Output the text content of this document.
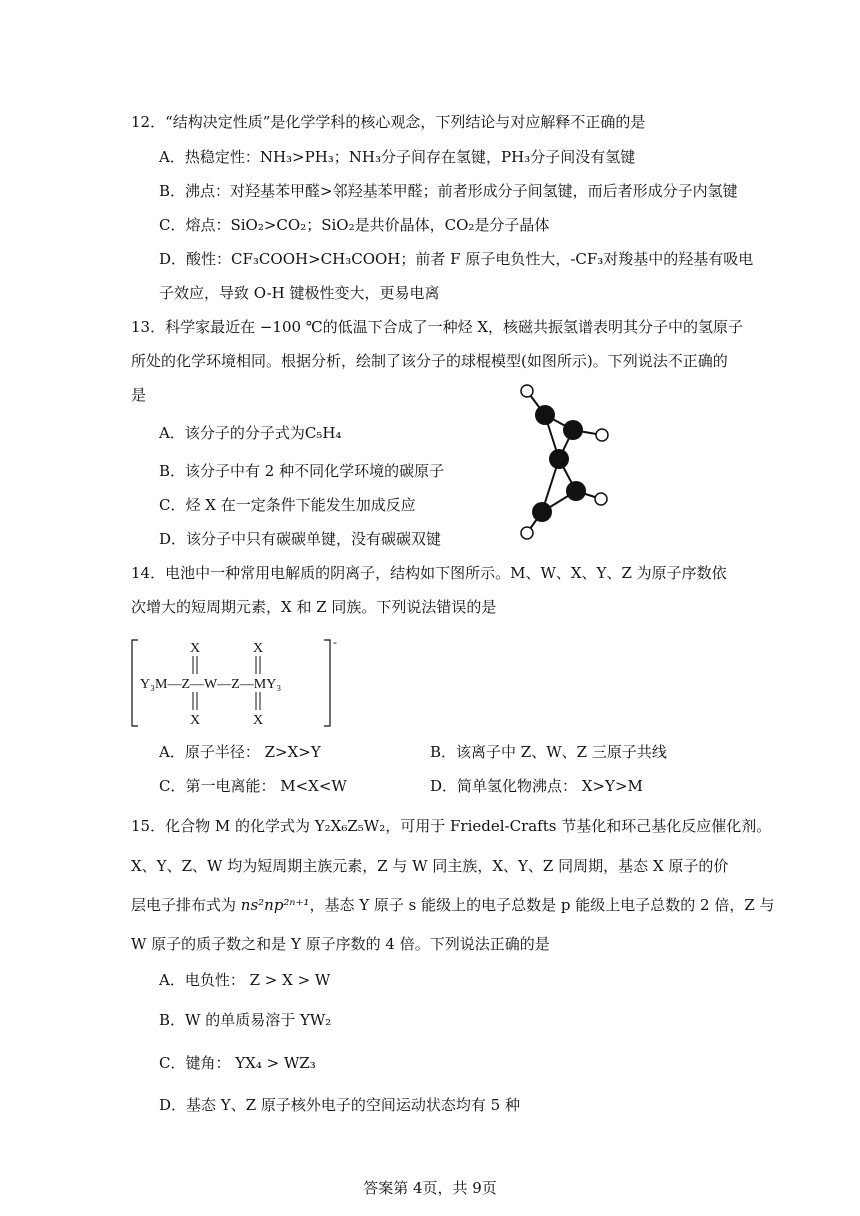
12．“结构决定性质”是化学学科的核心观念，下列结论与对应解释不正确的是
A．热稳定性：NH₃>PH₃；NH₃分子间存在氢键，PH₃分子间没有氢键
B．沸点：对羟基苯甲醛>邻羟基苯甲醛；前者形成分子间氢键，而后者形成分子内氢键
C．熔点：SiO₂>CO₂；SiO₂是共价晶体，CO₂是分子晶体
D．酸性：CF₃COOH>CH₃COOH；前者 F 原子电负性大，-CF₃对羧基中的羟基有吸电
子效应，导致 O-H 键极性变大，更易电离
13．科学家最近在 −100 ℃的低温下合成了一种烃 X，核磁共振氢谱表明其分子中的氢原子
所处的化学环境相同。根据分析，绘制了该分子的球棍模型(如图所示)。下列说法不正确的
是
A．该分子的分子式为C₅H₄
B．该分子中有 2 种不同化学环境的碳原子
C．烃 X 在一定条件下能发生加成反应
D．该分子中只有碳碳单键，没有碳碳双键
14．电池中一种常用电解质的阴离子，结构如下图所示。M、W、X、Y、Z 为原子序数依
次增大的短周期元素，X 和 Z 同族。下列说法错误的是
-
Y₃M—Z—W—Z—MY₃
X	X
X	X
A．原子半径： Z>X>Y	B．该离子中 Z、W、Z 三原子共线
C．第一电离能： M<X<W	D．简单氢化物沸点： X>Y>M
15．化合物 M 的化学式为 Y₂X₆Z₅W₂，可用于 Friedel-Crafts 节基化和环己基化反应催化剂。
X、Y、Z、W 均为短周期主族元素，Z 与 W 同主族，X、Y、Z 同周期，基态 X 原子的价
层电子排布式为 ns²np²ⁿ⁺¹，基态 Y 原子 s 能级上的电子总数是 p 能级上电子总数的 2 倍，Z 与
W 原子的质子数之和是 Y 原子序数的 4 倍。下列说法正确的是
A．电负性： Z > X > W
B．W 的单质易溶于 YW₂
C．键角： YX₄ > WZ₃
D．基态 Y、Z 原子核外电子的空间运动状态均有 5 种
答案第 4页，共 9页
